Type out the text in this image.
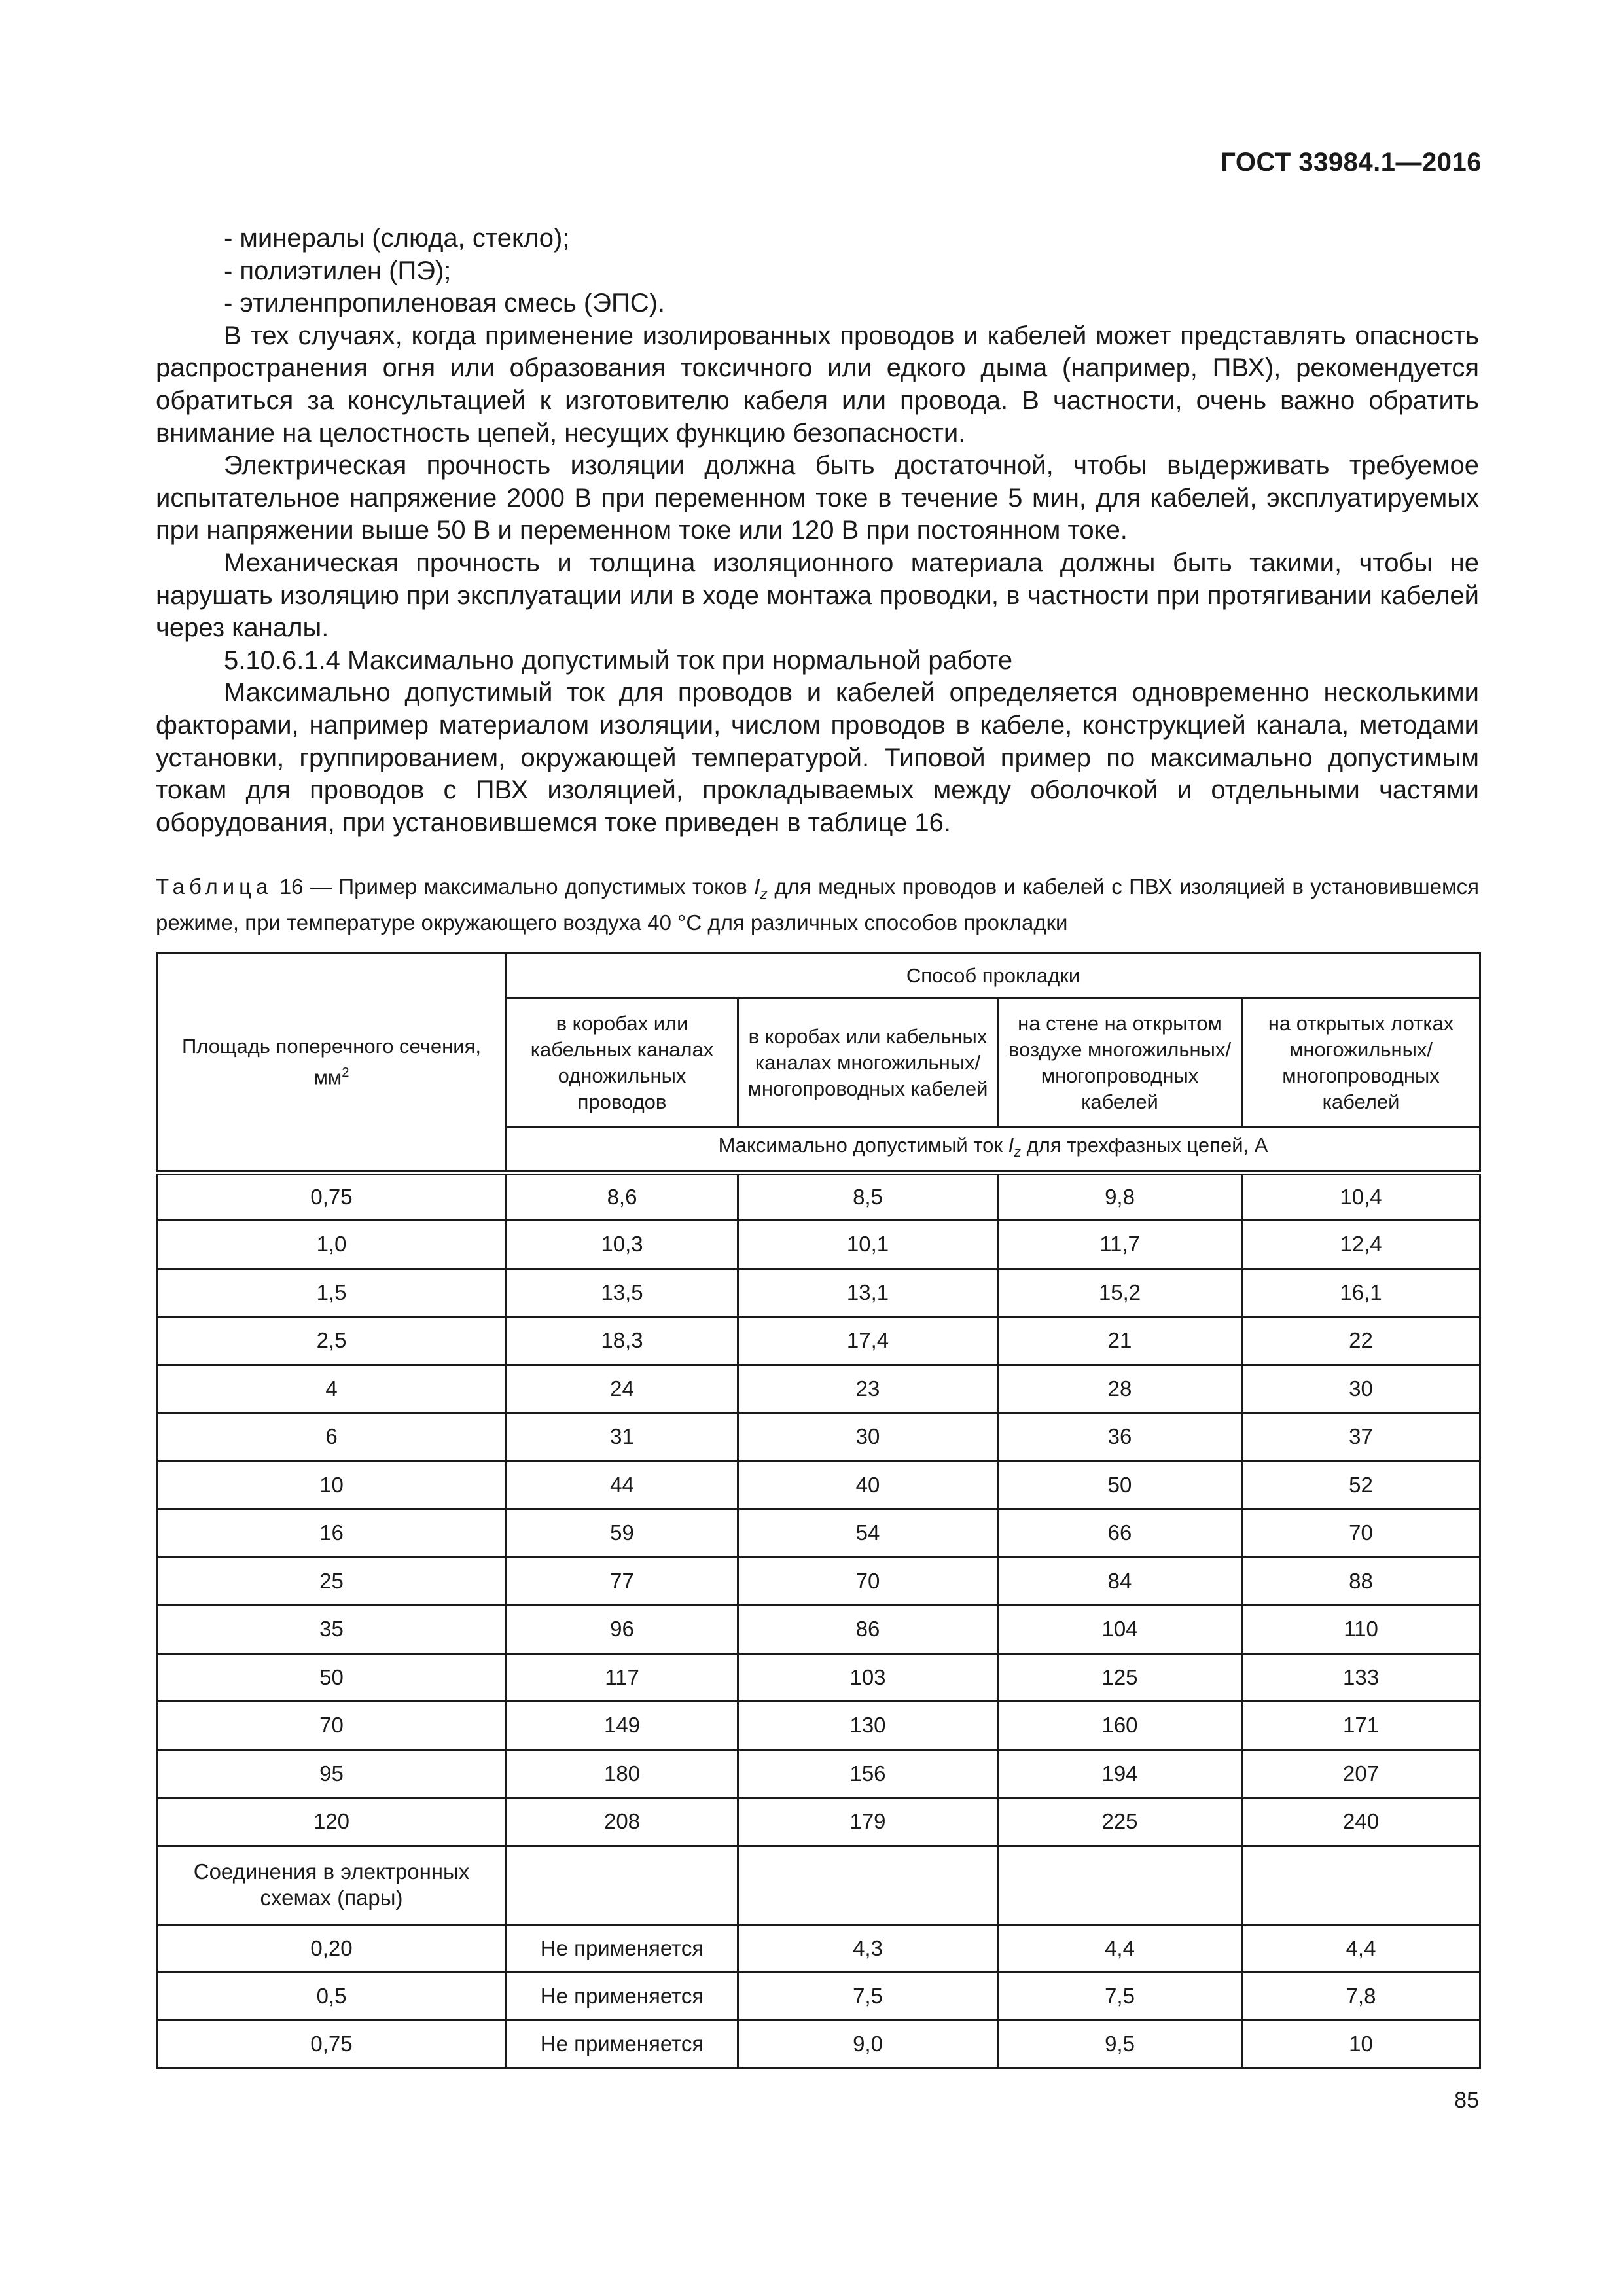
ГОСТ 33984.1—2016

- минералы (слюда, стекло);

- полиэтилен (ПЭ);

- этиленпропиленовая смесь (ЭПС).

В тех случаях, когда применение изолированных проводов и кабелей может представлять опасность распространения огня или образования токсичного или едкого дыма (например, ПВХ), рекомендуется обратиться за консультацией к изготовителю кабеля или провода. В частности, очень важно обратить внимание на целостность цепей, несущих функцию безопасности.

Электрическая прочность изоляции должна быть достаточной, чтобы выдерживать требуемое испытательное напряжение 2000 В при переменном токе в течение 5 мин, для кабелей, эксплуатируемых при напряжении выше 50 В и переменном токе или 120 В при постоянном токе.

Механическая прочность и толщина изоляционного материала должны быть такими, чтобы не нарушать изоляцию при эксплуатации или в ходе монтажа проводки, в частности при протягивании кабелей через каналы.

5.10.6.1.4 Максимально допустимый ток при нормальной работе

Максимально допустимый ток для проводов и кабелей определяется одновременно несколькими факторами, например материалом изоляции, числом проводов в кабеле, конструкцией канала, методами установки, группированием, окружающей температурой. Типовой пример по максимально допустимым токам для проводов с ПВХ изоляцией, прокладываемых между оболочкой и отдельными частями оборудования, при установившемся токе приведен в таблице 16.

Таблица 16 — Пример максимально допустимых токов $I_z$ для медных проводов и кабелей с ПВХ изоляцией в установившемся режиме, при температуре окружающего воздуха 40 °С для различных способов прокладки
Площадь поперечного сечения, $мм^2$	Способ прокладки			
	в коробах или кабельных каналах одножильных проводов	в коробах или кабельных каналах многожильных/многопроводных кабелей	на стене на открытом воздухе многожильных/многопроводных кабелей	на открытых лотках многожильных/многопроводных кабелей
	Максимально допустимый ток $I_z$ для трехфазных цепей, А			
0,75	8,6	8,5	9,8	10,4
1,0	10,3	10,1	11,7	12,4
1,5	13,5	13,1	15,2	16,1
2,5	18,3	17,4	21	22
4	24	23	28	30
6	31	30	36	37
10	44	40	50	52
16	59	54	66	70
25	77	70	84	88
35	96	86	104	110
50	117	103	125	133
70	149	130	160	171
95	180	156	194	207
120	208	179	225	240
Соединения в электронных схемах (пары)				
0,20	Не применяется	4,3	4,4	4,4
0,5	Не применяется	7,5	7,5	7,8
0,75	Не применяется	9,0	9,5	10
85
